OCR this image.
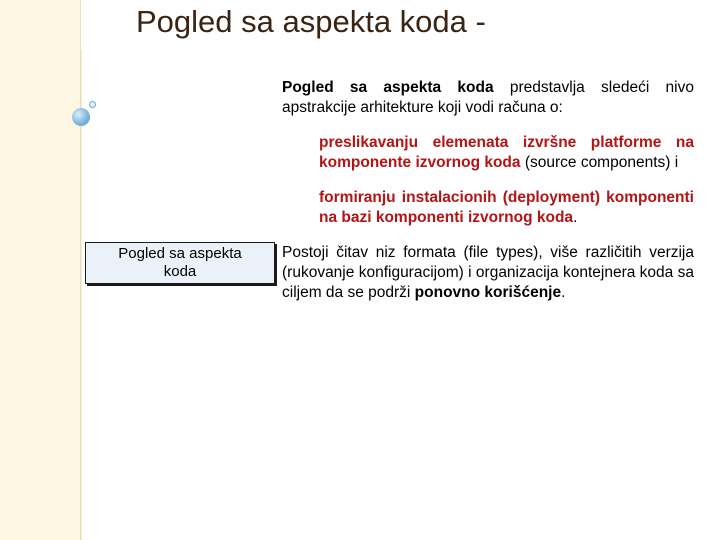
Pogled sa aspekta koda -
Pogled sa aspekta koda

Pogled sa aspekta koda predstavlja sledeći nivo apstrakcije arhitekture koji vodi računa o:

preslikavanju elemenata izvršne platforme na komponente izvornog koda (source components) i

formiranju instalacionih (deployment) komponenti na bazi komponenti izvornog koda.

Postoji čitav niz formata (file types), više različitih verzija (rukovanje konfiguracijom) i organizacija kontejnera koda sa ciljem da se podrži ponovno korišćenje.
